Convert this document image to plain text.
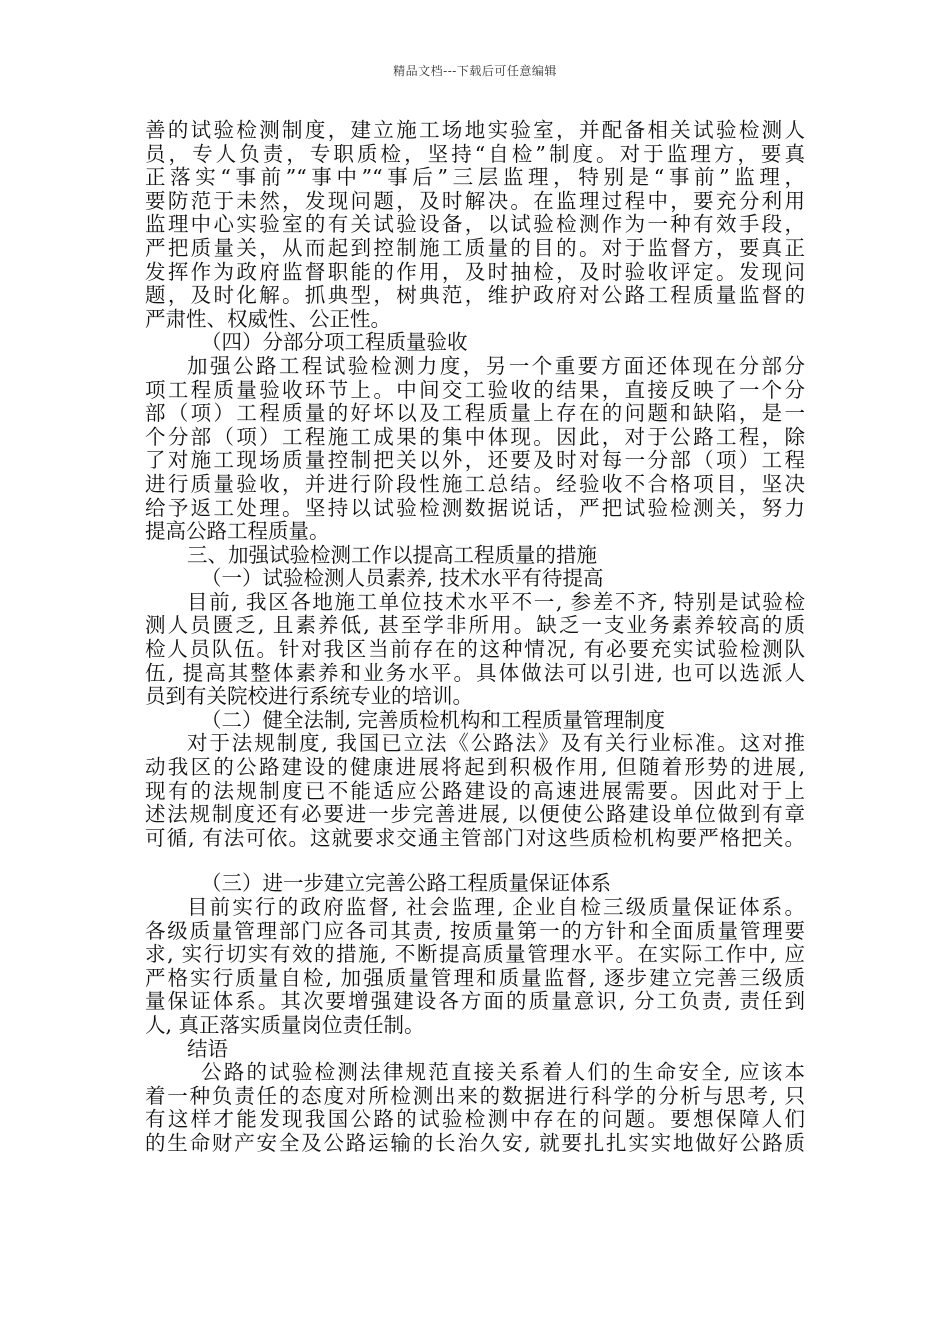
精品文档---下载后可任意编辑
善的试验检测制度，建立施工场地实验室，并配备相关试验检测人
员，专人负责，专职质检，坚持“自检”制度。对于监理方，要真
正落实“事前”“事中”“事后”三层监理，特别是“事前”监理，
要防范于未然，发现问题，及时解决。在监理过程中，要充分利用
监理中心实验室的有关试验设备，以试验检测作为一种有效手段，
严把质量关，从而起到控制施工质量的目的。对于监督方，要真正
发挥作为政府监督职能的作用，及时抽检，及时验收评定。发现问
题，及时化解。抓典型，树典范，维护政府对公路工程质量监督的
严肃性、权威性、公正性。
（四）分部分项工程质量验收
加强公路工程试验检测力度，另一个重要方面还体现在分部分
项工程质量验收环节上。中间交工验收的结果，直接反映了一个分
部（项）工程质量的好坏以及工程质量上存在的问题和缺陷，是一
个分部（项）工程施工成果的集中体现。因此，对于公路工程，除
了对施工现场质量控制把关以外，还要及时对每一分部（项）工程
进行质量验收，并进行阶段性施工总结。经验收不合格项目，坚决
给予返工处理。坚持以试验检测数据说话，严把试验检测关，努力
提高公路工程质量。
三、加强试验检测工作以提高工程质量的措施
（一）试验检测人员素养, 技术水平有待提高
目前, 我区各地施工单位技术水平不一, 参差不齐, 特别是试验检
测人员匮乏, 且素养低, 甚至学非所用。缺乏一支业务素养较高的质
检人员队伍。针对我区当前存在的这种情况, 有必要充实试验检测队
伍, 提高其整体素养和业务水平。具体做法可以引进, 也可以选派人
员到有关院校进行系统专业的培训。
（二）健全法制, 完善质检机构和工程质量管理制度
对于法规制度, 我国已立法《公路法》及有关行业标准。这对推
动我区的公路建设的健康进展将起到积极作用, 但随着形势的进展,
现有的法规制度已不能适应公路建设的高速进展需要。因此对于上
述法规制度还有必要进一步完善进展, 以便使公路建设单位做到有章
可循, 有法可依。这就要求交通主管部门对这些质检机构要严格把关。
（三）进一步建立完善公路工程质量保证体系
目前实行的政府监督, 社会监理, 企业自检三级质量保证体系。
各级质量管理部门应各司其责, 按质量第一的方针和全面质量管理要
求, 实行切实有效的措施, 不断提高质量管理水平。在实际工作中, 应
严格实行质量自检, 加强质量管理和质量监督, 逐步建立完善三级质
量保证体系。其次要增强建设各方面的质量意识, 分工负责, 责任到
人, 真正落实质量岗位责任制。
结语
公路的试验检测法律规范直接关系着人们的生命安全, 应该本
着一种负责任的态度对所检测出来的数据进行科学的分析与思考, 只
有这样才能发现我国公路的试验检测中存在的问题。要想保障人们
的生命财产安全及公路运输的长治久安, 就要扎扎实实地做好公路质
